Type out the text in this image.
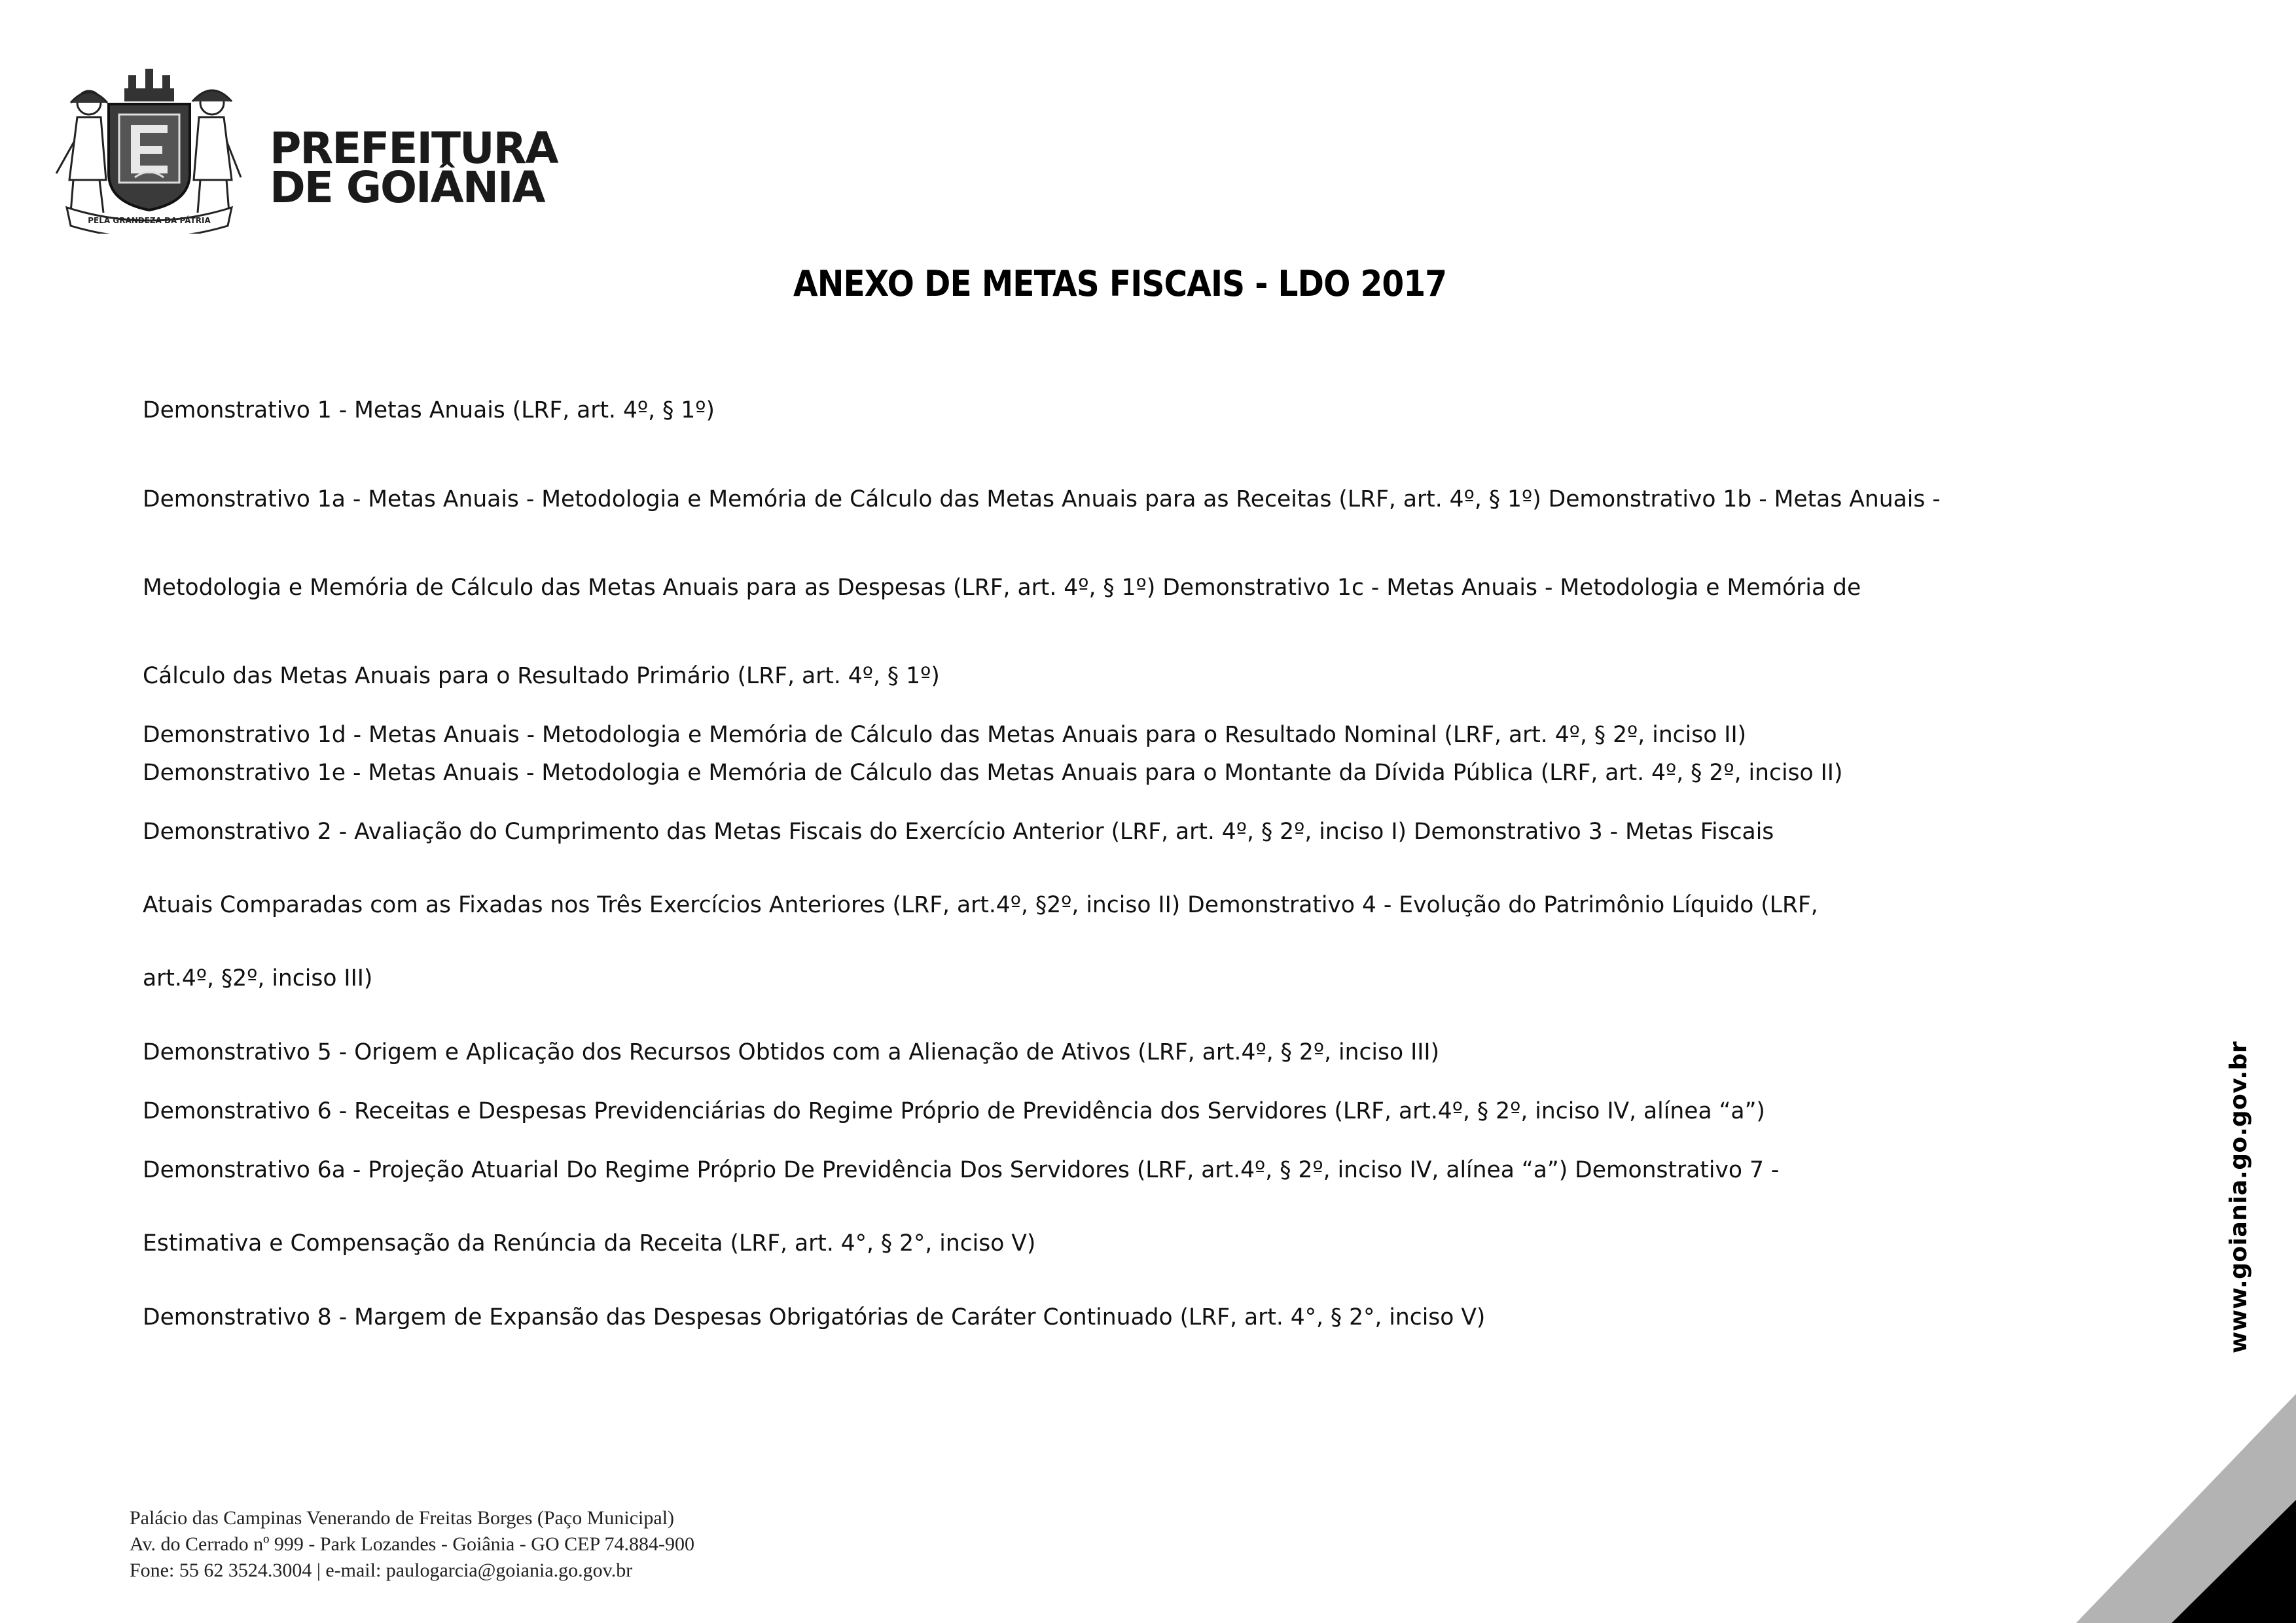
PELA GRANDEZA DA PÁTRIA
PREFEITURA
DE GOIÂNIA
ANEXO DE METAS FISCAIS - LDO 2017
Demonstrativo 1 - Metas Anuais (LRF, art. 4º, § 1º)
Demonstrativo 1a - Metas Anuais - Metodologia e Memória de Cálculo das Metas Anuais para as Receitas (LRF, art. 4º, § 1º) Demonstrativo 1b - Metas Anuais -
Metodologia e Memória de Cálculo das Metas Anuais para as Despesas (LRF, art. 4º, § 1º) Demonstrativo 1c - Metas Anuais - Metodologia e Memória de
Cálculo das Metas Anuais para o Resultado Primário (LRF, art. 4º, § 1º)
Demonstrativo 1d - Metas Anuais - Metodologia e Memória de Cálculo das Metas Anuais para o Resultado Nominal (LRF, art. 4º, § 2º, inciso II)
Demonstrativo 1e - Metas Anuais - Metodologia e Memória de Cálculo das Metas Anuais para o Montante da Dívida Pública (LRF, art. 4º, § 2º, inciso II)
Demonstrativo 2 - Avaliação do Cumprimento das Metas Fiscais do Exercício Anterior (LRF, art. 4º, § 2º, inciso I) Demonstrativo 3 - Metas Fiscais
Atuais Comparadas com as Fixadas nos Três Exercícios Anteriores (LRF, art.4º, §2º, inciso II) Demonstrativo 4 - Evolução do Patrimônio Líquido (LRF,
art.4º, §2º, inciso III)
Demonstrativo 5 - Origem e Aplicação dos Recursos Obtidos com a Alienação de Ativos (LRF, art.4º, § 2º, inciso III)
Demonstrativo 6 - Receitas e Despesas Previdenciárias do Regime Próprio de Previdência dos Servidores (LRF, art.4º, § 2º, inciso IV, alínea “a”)
Demonstrativo 6a - Projeção Atuarial Do Regime Próprio De Previdência Dos Servidores (LRF, art.4º, § 2º, inciso IV, alínea “a”) Demonstrativo 7 -
Estimativa e Compensação da Renúncia da Receita (LRF, art. 4°, § 2°, inciso V)
Demonstrativo 8 - Margem de Expansão das Despesas Obrigatórias de Caráter Continuado (LRF, art. 4°, § 2°, inciso V)	www.goiania.go.gov.br
Palácio das Campinas Venerando de Freitas Borges (Paço Municipal)
Av. do Cerrado nº 999 - Park Lozandes - Goiânia - GO CEP 74.884-900
Fone: 55 62 3524.3004 | e-mail: paulogarcia@goiania.go.gov.br
